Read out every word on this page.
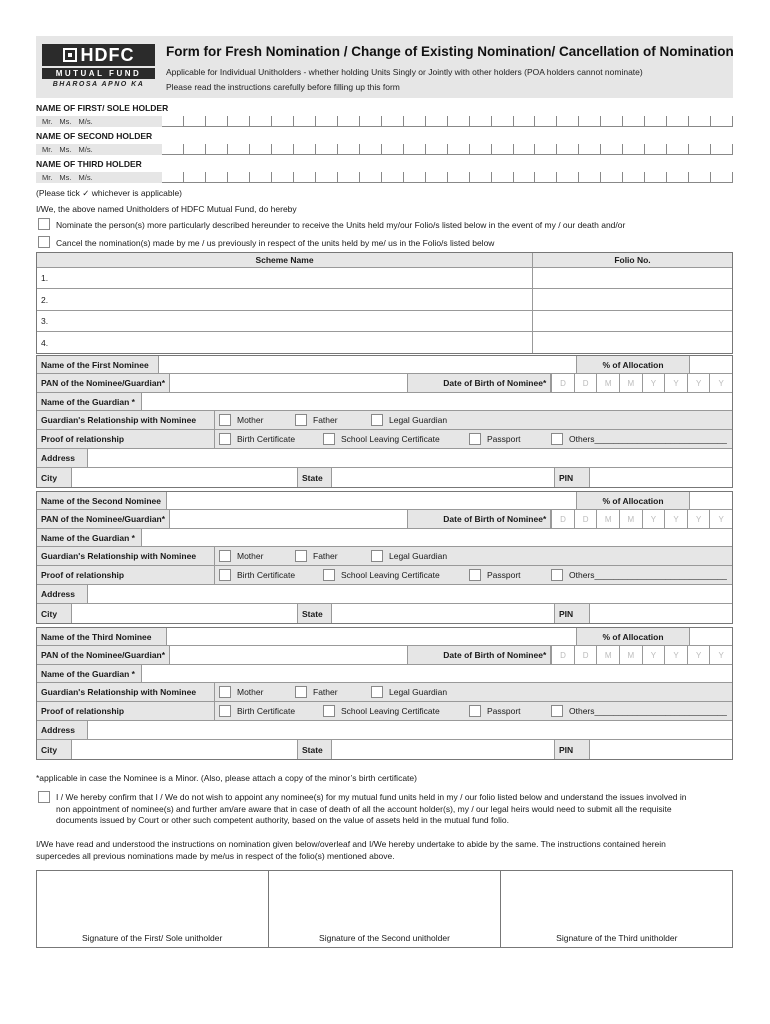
HDFC
MUTUAL FUND
BHAROSA APNO KA
Form for Fresh Nomination / Change of Existing Nomination/ Cancellation of Nomination
Applicable for Individual Unitholders - whether holding Units Singly or Jointly with other holders (POA holders cannot nominate)
Please read the instructions carefully before filling up this form
NAME OF FIRST/ SOLE HOLDER
Mr. Ms. M/s.
NAME OF SECOND HOLDER
Mr. Ms. M/s.
NAME OF THIRD HOLDER
Mr. Ms. M/s.
(Please tick ✓ whichever is applicable)
I/We, the above named Unitholders of HDFC Mutual Fund, do hereby
Nominate the person(s) more particularly described hereunder to receive the Units held my/our Folio/s listed below in the event of my / our death and/or
Cancel the nomination(s) made by me / us previously in respect of the units held by me/ us in the Folio/s listed below
Scheme Name	Folio No.
1.
2.
3.
4.
Name of the First Nominee	% of Allocation
PAN of the Nominee/Guardian*	Date of Birth of Nominee*	D	D	M	M	Y	Y	Y	Y
Name of the Guardian *
Guardian's Relationship with Nominee	Mother	Father	Legal Guardian
Proof of relationship	Birth Certificate	School Leaving Certificate	Passport	Others____________________________
Address
City	State	PIN
Name of the Second Nominee	% of Allocation
PAN of the Nominee/Guardian*	Date of Birth of Nominee*	D	D	M	M	Y	Y	Y	Y
Name of the Guardian *
Guardian's Relationship with Nominee	Mother	Father	Legal Guardian
Proof of relationship	Birth Certificate	School Leaving Certificate	Passport	Others____________________________
Address
City	State	PIN
Name of the Third Nominee	% of Allocation
PAN of the Nominee/Guardian*	Date of Birth of Nominee*	D	D	M	M	Y	Y	Y	Y
Name of the Guardian *
Guardian's Relationship with Nominee	Mother	Father	Legal Guardian
Proof of relationship	Birth Certificate	School Leaving Certificate	Passport	Others____________________________
Address
City	State	PIN
*applicable in case the Nominee is a Minor. (Also, please attach a copy of the minor’s birth certificate)
I / We hereby confirm that I / We do not wish to appoint any nominee(s) for my mutual fund units held in my / our folio listed below and understand the issues involved in
non appointment of nominee(s) and further am/are aware that in case of death of all the account holder(s), my / our legal heirs would need to submit all the requisite
documents issued by Court or other such competent authority, based on the value of assets held in the mutual fund folio.
I/We have read and understood the instructions on nomination given below/overleaf and I/We hereby undertake to abide by the same. The instructions contained herein
supercedes all previous nominations made by me/us in respect of the folio(s) mentioned above.
Signature of the First/ Sole unitholder	Signature of the Second unitholder	Signature of the Third unitholder
